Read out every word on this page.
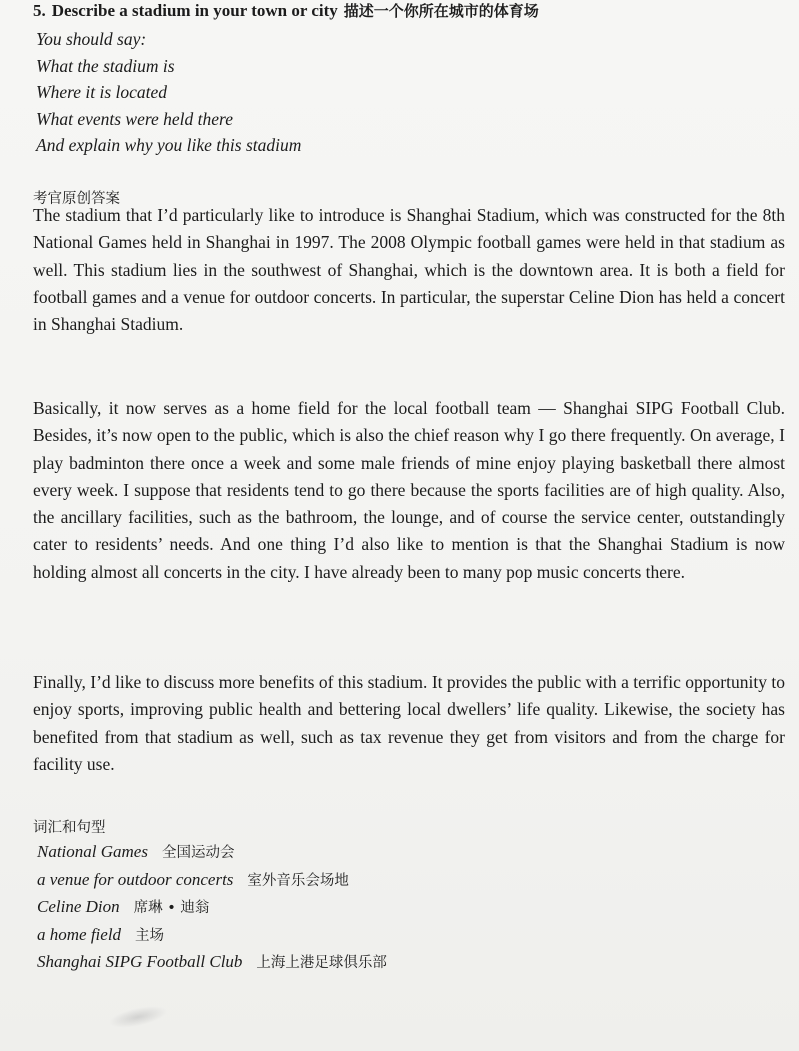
5. Describe a stadium in your town or city 描述一个你所在城市的体育场
You should say:
What the stadium is
Where it is located
What events were held there
And explain why you like this stadium
考官原创答案

The stadium that I’d particularly like to introduce is Shanghai Stadium, which was constructed for the 8th National Games held in Shanghai in 1997. The 2008 Olympic football games were held in that stadium as well. This stadium lies in the southwest of Shanghai, which is the downtown area. It is both a field for football games and a venue for outdoor concerts. In particular, the superstar Celine Dion has held a concert in Shanghai Stadium.

Basically, it now serves as a home field for the local football team — Shanghai SIPG Football Club. Besides, it’s now open to the public, which is also the chief reason why I go there frequently. On average, I play badminton there once a week and some male friends of mine enjoy playing basketball there almost every week. I suppose that residents tend to go there because the sports facilities are of high quality. Also, the ancillary facilities, such as the bathroom, the lounge, and of course the service center, outstandingly cater to residents’ needs. And one thing I’d also like to mention is that the Shanghai Stadium is now holding almost all concerts in the city. I have already been to many pop music concerts there.

Finally, I’d like to discuss more benefits of this stadium. It provides the public with a terrific opportunity to enjoy sports, improving public health and bettering local dwellers’ life quality. Likewise, the society has benefited from that stadium as well, such as tax revenue they get from visitors and from the charge for facility use.

词汇和句型
National Games 全国运动会
a venue for outdoor concerts 室外音乐会场地
Celine Dion 席琳 • 迪翁
a home field 主场
Shanghai SIPG Football Club 上海上港足球俱乐部
